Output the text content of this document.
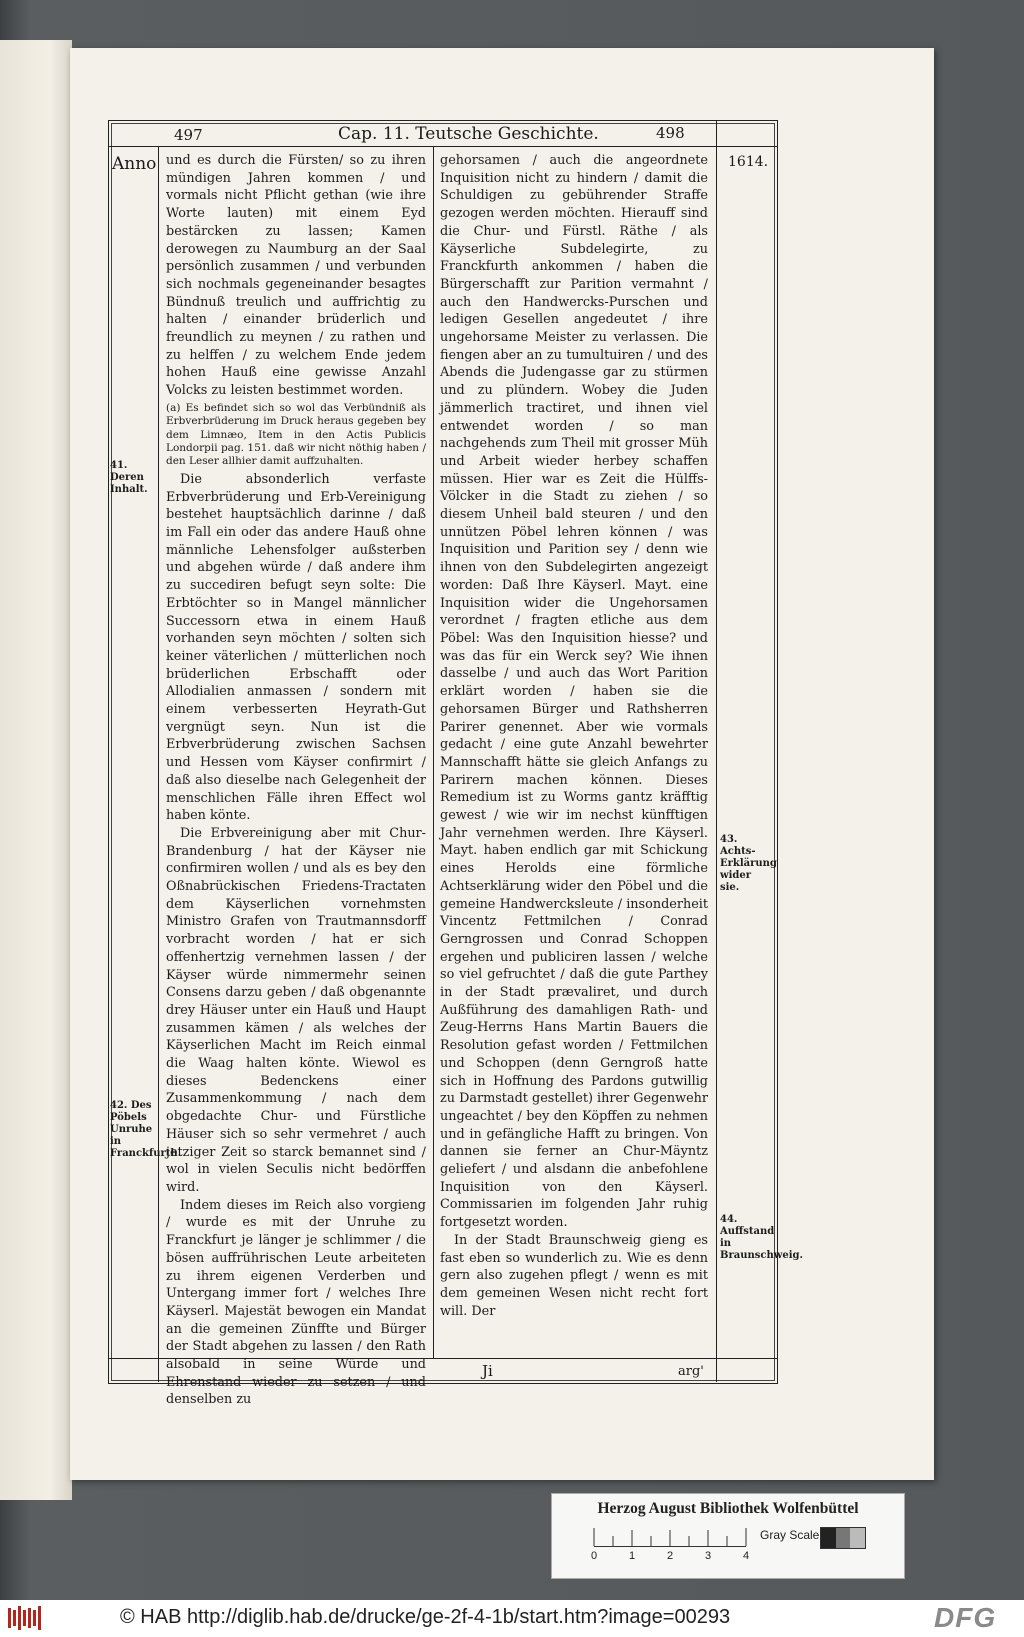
497	Cap. 11. Teutsche Geschichte.	498
Anno	1614.

und es durch die Fürsten/ so zu ihren mündigen Jahren kommen / und vormals nicht Pflicht gethan (wie ihre Worte lauten) mit einem Eyd bestärcken zu lassen; Kamen derowegen zu Naumburg an der Saal persönlich zusammen / und verbunden sich nochmals gegeneinander besagtes Bündnuß treulich und auffrichtig zu halten / einander brüderlich und freundlich zu meynen / zu rathen und zu helffen / zu welchem Ende jedem hohen Hauß eine gewisse Anzahl Volcks zu leisten bestimmet worden.

(a) Es befindet sich so wol das Verbündniß als Erbverbrüderung im Druck heraus gegeben bey dem Limnæo, Item in den Actis Publicis Londorpii pag. 151. daß wir nicht nöthig haben / den Leser allhier damit auffzuhalten.

Die absonderlich verfaste Erbverbrüderung und Erb-Vereinigung bestehet hauptsächlich darinne / daß im Fall ein oder das andere Hauß ohne männliche Lehensfolger außsterben und abgehen würde / daß andere ihm zu succediren befugt seyn solte: Die Erbtöchter so in Mangel männlicher Successorn etwa in einem Hauß vorhanden seyn möchten / solten sich keiner väterlichen / mütterlichen noch brüderlichen Erbschafft oder Allodialien anmassen / sondern mit einem verbesserten Heyrath-Gut vergnügt seyn. Nun ist die Erbverbrüderung zwischen Sachsen und Hessen vom Käyser confirmirt / daß also dieselbe nach Gelegenheit der menschlichen Fälle ihren Effect wol haben könte.

Die Erbvereinigung aber mit Chur-Brandenburg / hat der Käyser nie confirmiren wollen / und als es bey den Oßnabrückischen Friedens-Tractaten dem Käyserlichen vornehmsten Ministro Grafen von Trautmannsdorff vorbracht worden / hat er sich offenhertzig vernehmen lassen / der Käyser würde nimmermehr seinen Consens darzu geben / daß obgenannte drey Häuser unter ein Hauß und Haupt zusammen kämen / als welches der Käyserlichen Macht im Reich einmal die Waag halten könte. Wiewol es dieses Bedenckens einer Zusammenkommung / nach dem obgedachte Chur- und Fürstliche Häuser sich so sehr vermehret / auch jetziger Zeit so starck bemannet sind / wol in vielen Seculis nicht bedörffen wird.

Indem dieses im Reich also vorgieng / wurde es mit der Unruhe zu Franckfurt je länger je schlimmer / die bösen auffrührischen Leute arbeiteten zu ihrem eigenen Verderben und Untergang immer fort / welches Ihre Käyserl. Majestät bewogen ein Mandat an die gemeinen Zünffte und Bürger der Stadt abgehen zu lassen / den Rath alsobald in seine Würde und Ehrenstand wieder zu setzen / und denselben zu

gehorsamen / auch die angeordnete Inquisition nicht zu hindern / damit die Schuldigen zu gebührender Straffe gezogen werden möchten. Hierauff sind die Chur- und Fürstl. Räthe / als Käyserliche Subdelegirte, zu Franckfurth ankommen / haben die Bürgerschafft zur Parition vermahnt / auch den Handwercks-Purschen und ledigen Gesellen angedeutet / ihre ungehorsame Meister zu verlassen. Die fiengen aber an zu tumultuiren / und des Abends die Judengasse gar zu stürmen und zu plündern. Wobey die Juden jämmerlich tractiret, und ihnen viel entwendet worden / so man nachgehends zum Theil mit grosser Müh und Arbeit wieder herbey schaffen müssen. Hier war es Zeit die Hülffs-Völcker in die Stadt zu ziehen / so diesem Unheil bald steuren / und den unnützen Pöbel lehren können / was Inquisition und Parition sey / denn wie ihnen von den Subdelegirten angezeigt worden: Daß Ihre Käyserl. Mayt. eine Inquisition wider die Ungehorsamen verordnet / fragten etliche aus dem Pöbel: Was den Inquisition hiesse? und was das für ein Werck sey? Wie ihnen dasselbe / und auch das Wort Parition erklärt worden / haben sie die gehorsamen Bürger und Rathsherren Parirer genennet. Aber wie vormals gedacht / eine gute Anzahl bewehrter Mannschafft hätte sie gleich Anfangs zu Parirern machen können. Dieses Remedium ist zu Worms gantz kräfftig gewest / wie wir im nechst künfftigen Jahr vernehmen werden. Ihre Käyserl. Mayt. haben endlich gar mit Schickung eines Herolds eine förmliche Achtserklärung wider den Pöbel und die gemeine Handwercksleute / insonderheit Vincentz Fettmilchen / Conrad Gerngrossen und Conrad Schoppen ergehen und publiciren lassen / welche so viel gefruchtet / daß die gute Parthey in der Stadt prævaliret, und durch Außführung des damahligen Rath- und Zeug-Herrns Hans Martin Bauers die Resolution gefast worden / Fettmilchen und Schoppen (denn Gerngroß hatte sich in Hoffnung des Pardons gutwillig zu Darmstadt gestellet) ihrer Gegenwehr ungeachtet / bey den Köpffen zu nehmen und in gefängliche Hafft zu bringen. Von dannen sie ferner an Chur-Mäyntz geliefert / und alsdann die anbefohlene Inquisition von den Käyserl. Commissarien im folgenden Jahr ruhig fortgesetzt worden.

In der Stadt Braunschweig gieng es fast eben so wunderlich zu. Wie es denn gern also zugehen pflegt / wenn es mit dem gemeinen Wesen nicht recht fort will. Der

41. Deren Inhalt.
42. Des Pöbels Unruhe in Franckfurth.
43. Achts-Erklärung wider sie.
44. Auffstand in Braunschweig.
Ji	arg'
Herzog August Bibliothek Wolfenbüttel
0	1	2	3	4
Gray Scale
© HAB http://diglib.hab.de/drucke/ge-2f-4-1b/start.htm?image=00293	DFG
